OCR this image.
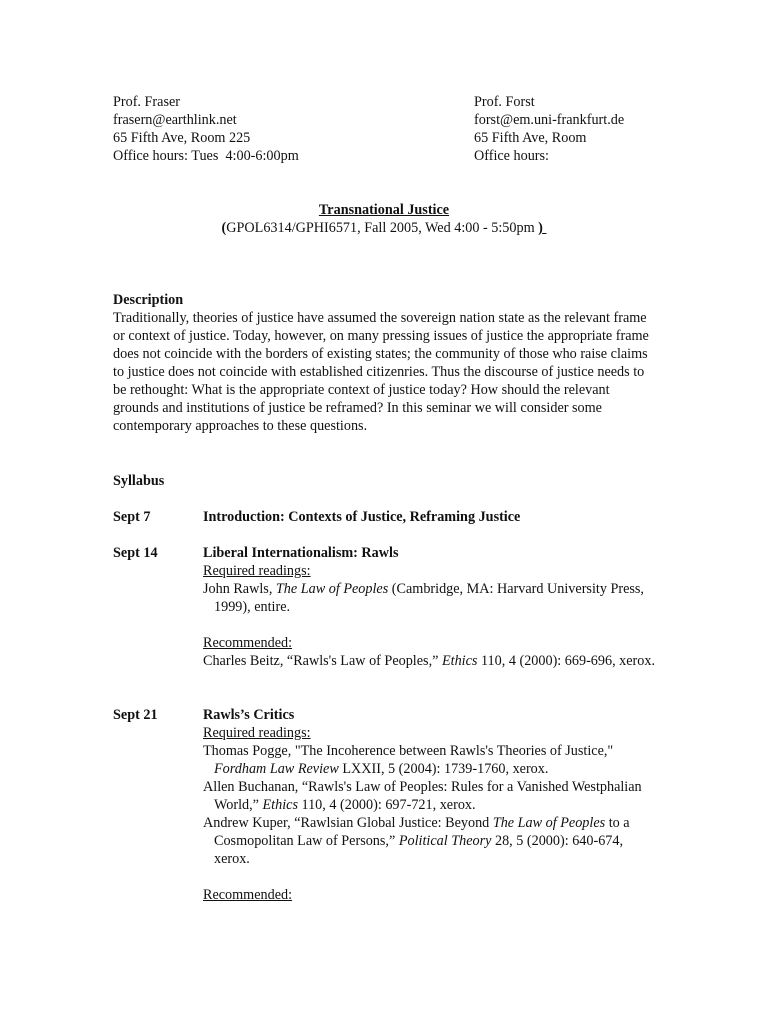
Prof. Fraser
frasern@earthlink.net
65 Fifth Ave, Room 225
Office hours: Tues  4:00-6:00pm
Prof. Forst
forst@em.uni-frankfurt.de
65 Fifth Ave, Room
Office hours:
Transnational Justice
(GPOL6314/GPHI6571, Fall 2005, Wed 4:00 - 5:50pm )
Description
Traditionally, theories of justice have assumed the sovereign nation state as the relevant frame or context of justice. Today, however, on many pressing issues of justice the appropriate frame does not coincide with the borders of existing states; the community of those who raise claims to justice does not coincide with established citizenries. Thus the discourse of justice needs to be rethought: What is the appropriate context of justice today? How should the relevant grounds and institutions of justice be reframed? In this seminar we will consider some contemporary approaches to these questions.
Syllabus
Sept 7	Introduction: Contexts of Justice, Reframing Justice
Sept 14	Liberal Internationalism: Rawls
Required readings:
John Rawls, The Law of Peoples (Cambridge, MA: Harvard University Press, 1999), entire.
Recommended:
Charles Beitz, “Rawls's Law of Peoples,” Ethics 110, 4 (2000): 669-696, xerox.
Sept 21	Rawls’s Critics
Required readings:
Thomas Pogge, "The Incoherence between Rawls's Theories of Justice," Fordham Law Review LXXII, 5 (2004): 1739-1760, xerox.
Allen Buchanan, “Rawls's Law of Peoples: Rules for a Vanished Westphalian World,” Ethics 110, 4 (2000): 697-721, xerox.
Andrew Kuper, “Rawlsian Global Justice: Beyond The Law of Peoples to a Cosmopolitan Law of Persons,” Political Theory 28, 5 (2000): 640-674, xerox.
Recommended:
